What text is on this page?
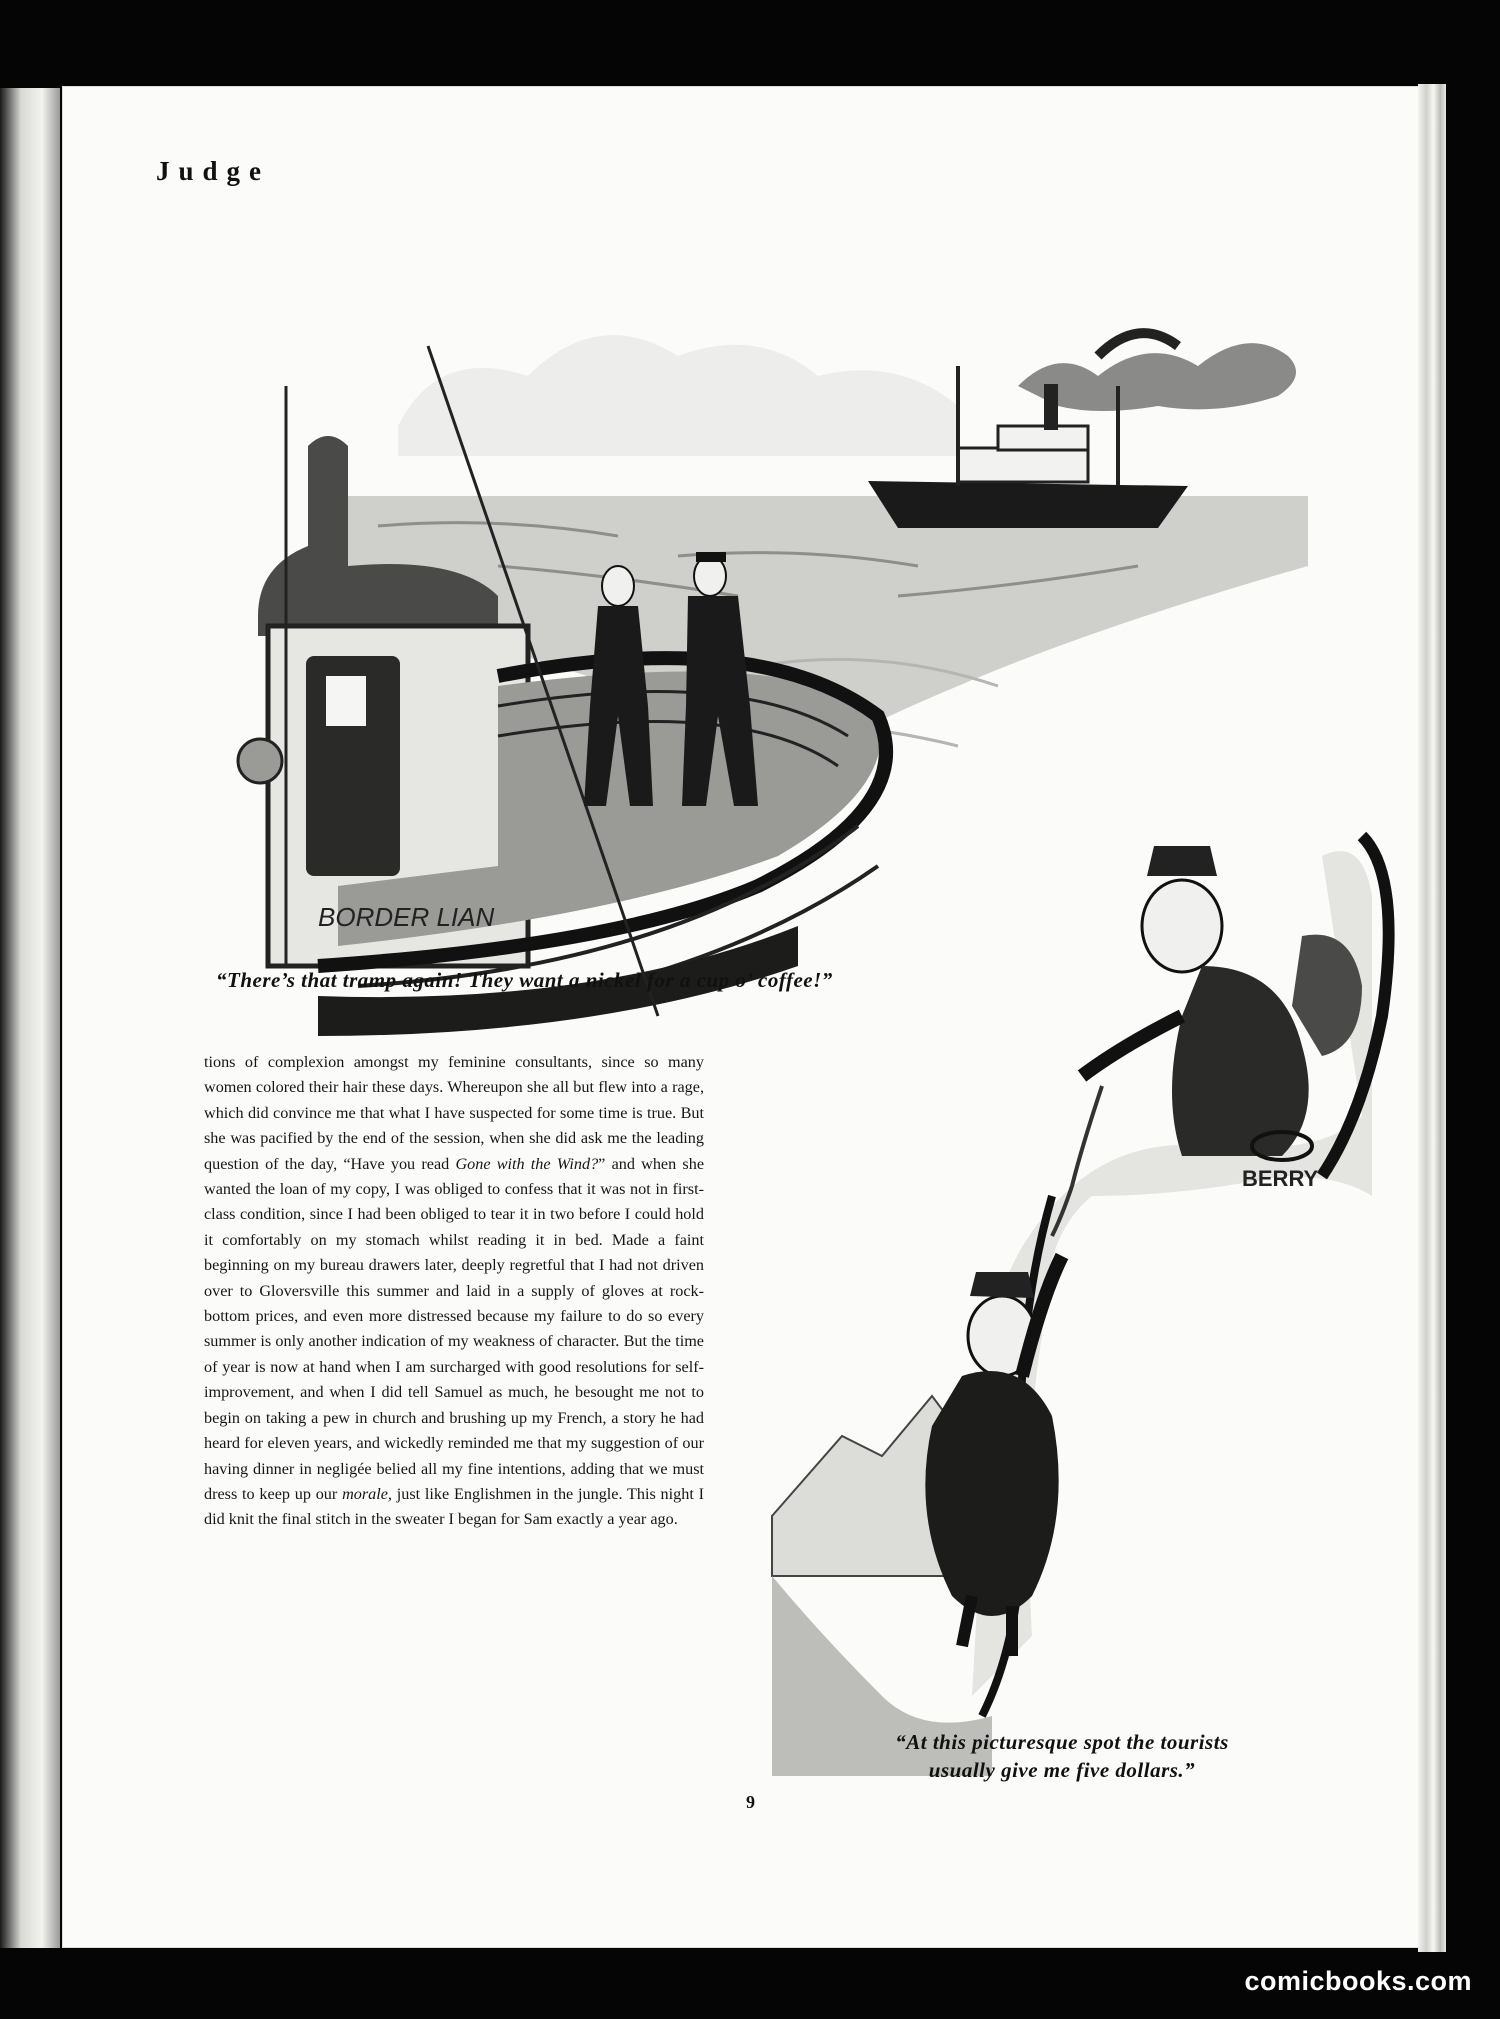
Judge
BORDER LIAN
“There’s that tramp again! They want a nickel for a cup o’ coffee!”
BERRY
“At this picturesque spot the tourists
usually give me five dollars.”

tions of complexion amongst my feminine consultants, since so many women colored their hair these days. Whereupon she all but flew into a rage, which did convince me that what I have suspected for some time is true. But she was pacified by the end of the session, when she did ask me the leading question of the day, “Have you read Gone with the Wind?” and when she wanted the loan of my copy, I was obliged to confess that it was not in first-class condition, since I had been obliged to tear it in two before I could hold it comfortably on my stomach whilst reading it in bed. Made a faint beginning on my bureau drawers later, deeply regretful that I had not driven over to Gloversville this summer and laid in a supply of gloves at rock-bottom prices, and even more distressed because my failure to do so every summer is only another indication of my weakness of character. But the time of year is now at hand when I am surcharged with good resolutions for self-improvement, and when I did tell Samuel as much, he besought me not to begin on taking a pew in church and brushing up my French, a story he had heard for eleven years, and wickedly reminded me that my suggestion of our having dinner in negligée belied all my fine intentions, adding that we must dress to keep up our morale, just like Englishmen in the jungle. This night I did knit the final stitch in the sweater I began for Sam exactly a year ago.

9
comicbooks.com
